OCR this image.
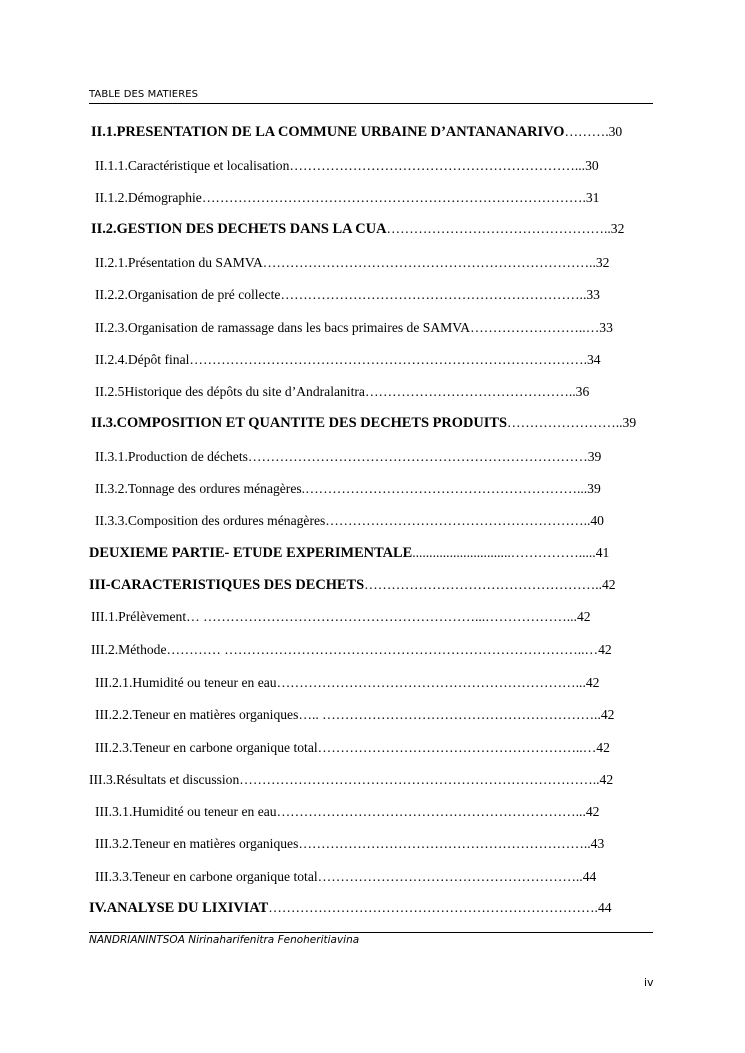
TABLE DES MATIERES
II.1.PRESENTATION DE LA COMMUNE URBAINE D’ANTANANARIVO……….30
II.1.1.Caractéristique et localisation………………………………………………………...30
II.1.2.Démographie………………………………………………………………………….31
II.2.GESTION DES DECHETS DANS LA CUA…………………………………………..32
II.2.1.Présentation du SAMVA………………………………………………………………..32
II.2.2.Organisation de pré collecte…………………………………………………………..33
II.2.3.Organisation de ramassage dans les bacs primaires de SAMVA……………………..…33
II.2.4.Dépôt final…………………………………………………………………………….34
II.2.5Historique des dépôts du site d’Andralanitra………………………………………..36
II.3.COMPOSITION ET QUANTITE DES DECHETS PRODUITS……………………..39
II.3.1.Production de déchets…………………………………………………………………39
II.3.2.Tonnage des ordures ménagères.……………………………………………………...39
II.3.3.Composition des ordures ménagères…………………………………………………..40
DEUXIEME PARTIE- ETUDE EXPERIMENTALE.............................…………….....41
III-CARACTERISTIQUES DES DECHETS……………………………………………..42
III.1.Prélèvement… ……………………………………………………...………………...42
III.2.Méthode………… ……………………………………………………………………..…42
III.2.1.Humidité ou teneur en eau…………………………………………………………...42
III.2.2.Teneur en matières organiques….. ……………………………………………………..42
III.2.3.Teneur en carbone organique total…………………………………………………..…42
III.3.Résultats et discussion……………………………………………………………………..42
III.3.1.Humidité ou teneur en eau…………………………………………………………...42
III.3.2.Teneur en matières organiques………………………………………………………..43
III.3.3.Teneur en carbone organique total…………………………………………………..44
IV.ANALYSE DU LIXIVIAT……………………………………………………………….44
NANDRIANINTSOA Nirinaharifenitra Fenoheritiavina
iv
